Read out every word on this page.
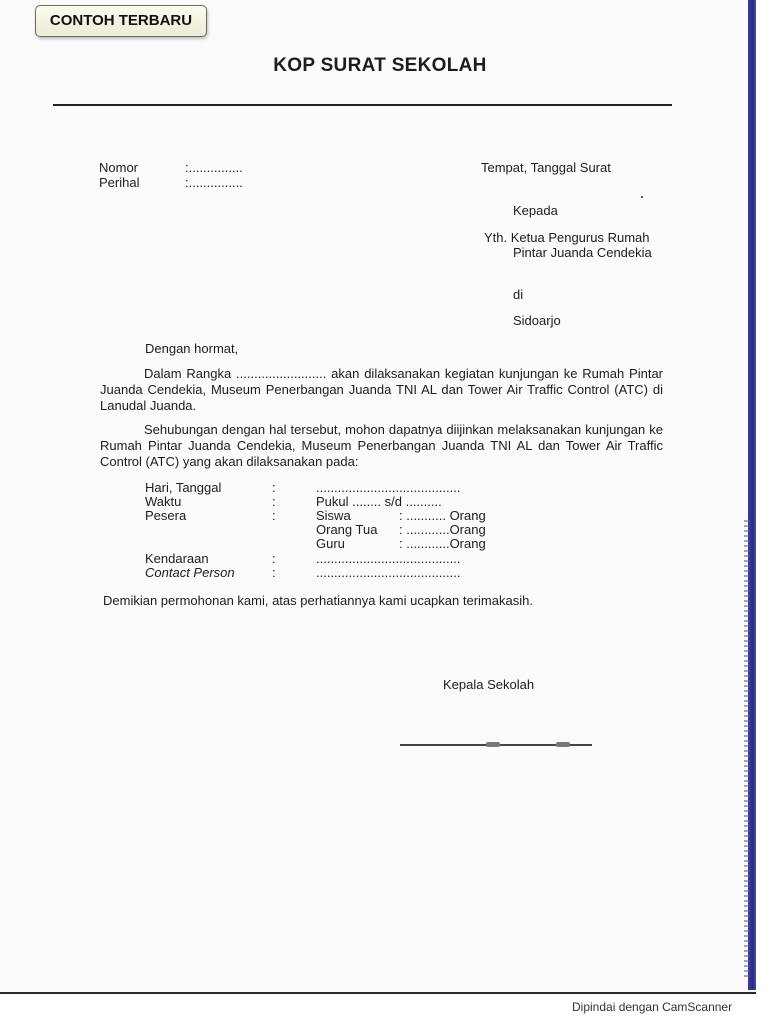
CONTOH TERBARU
KOP SURAT SEKOLAH
Nomor	:...............
Perihal	:...............
Tempat, Tanggal Surat
Kepada
Yth. Ketua Pengurus Rumah
Pintar Juanda Cendekia
di
Sidoarjo
Dengan hormat,
Dalam Rangka ......................... akan dilaksanakan kegiatan kunjungan ke Rumah Pintar Juanda Cendekia, Museum Penerbangan Juanda TNI AL dan Tower Air Traffic Control (ATC) di Lanudal Juanda.
Sehubungan dengan hal tersebut, mohon dapatnya diijinkan melaksanakan kunjungan ke Rumah Pintar Juanda Cendekia, Museum Penerbangan Juanda TNI AL dan Tower Air Traffic Control (ATC) yang akan dilaksanakan pada:
Hari, Tanggal	:	........................................
Waktu	:	Pukul ........ s/d ..........
Pesera	:	Siswa	: ........... Orang
Orang Tua : ............Orang
Guru	: ............Orang
Kendaraan	:	........................................
Contact Person	:	........................................
Demikian permohonan kami, atas perhatiannya kami ucapkan terimakasih.
Kepala Sekolah
Dipindai dengan CamScanner
